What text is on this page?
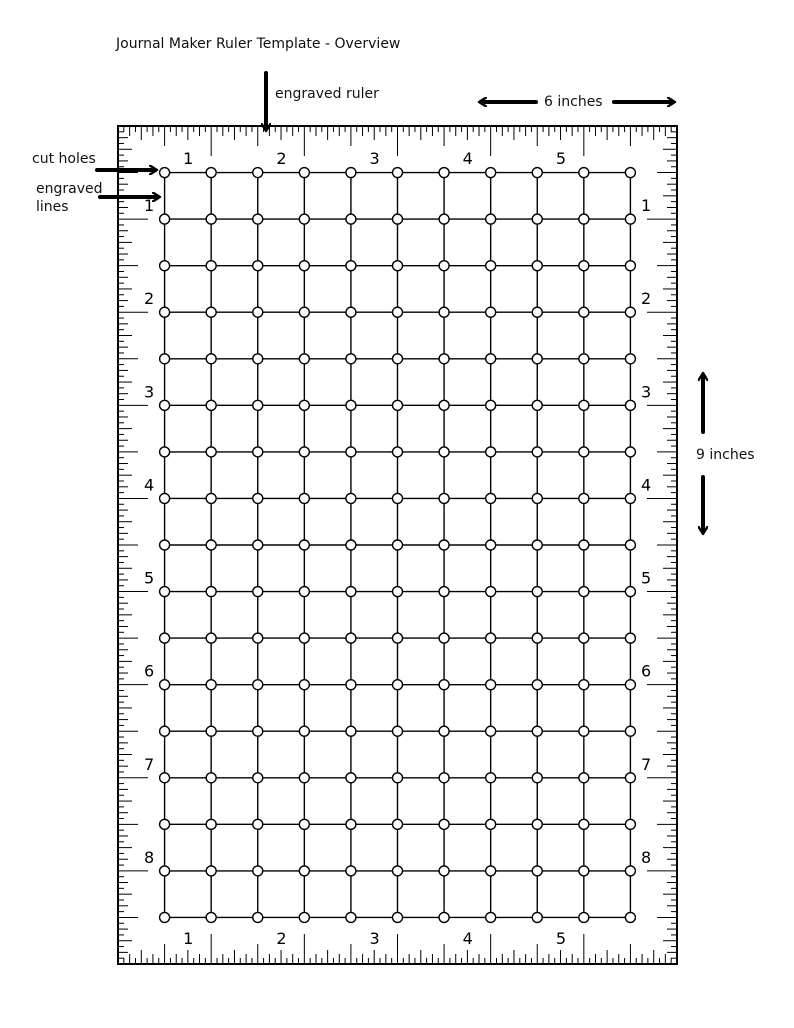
1	2	3	4	5
1	2	3	4	5
1
2
3
4
5
6
7
8
1
2
3
4
5
6
7
8
Journal Maker Ruler Template - Overview
engraved ruler	6 inches
cut holes
engraved
lines
9 inches
